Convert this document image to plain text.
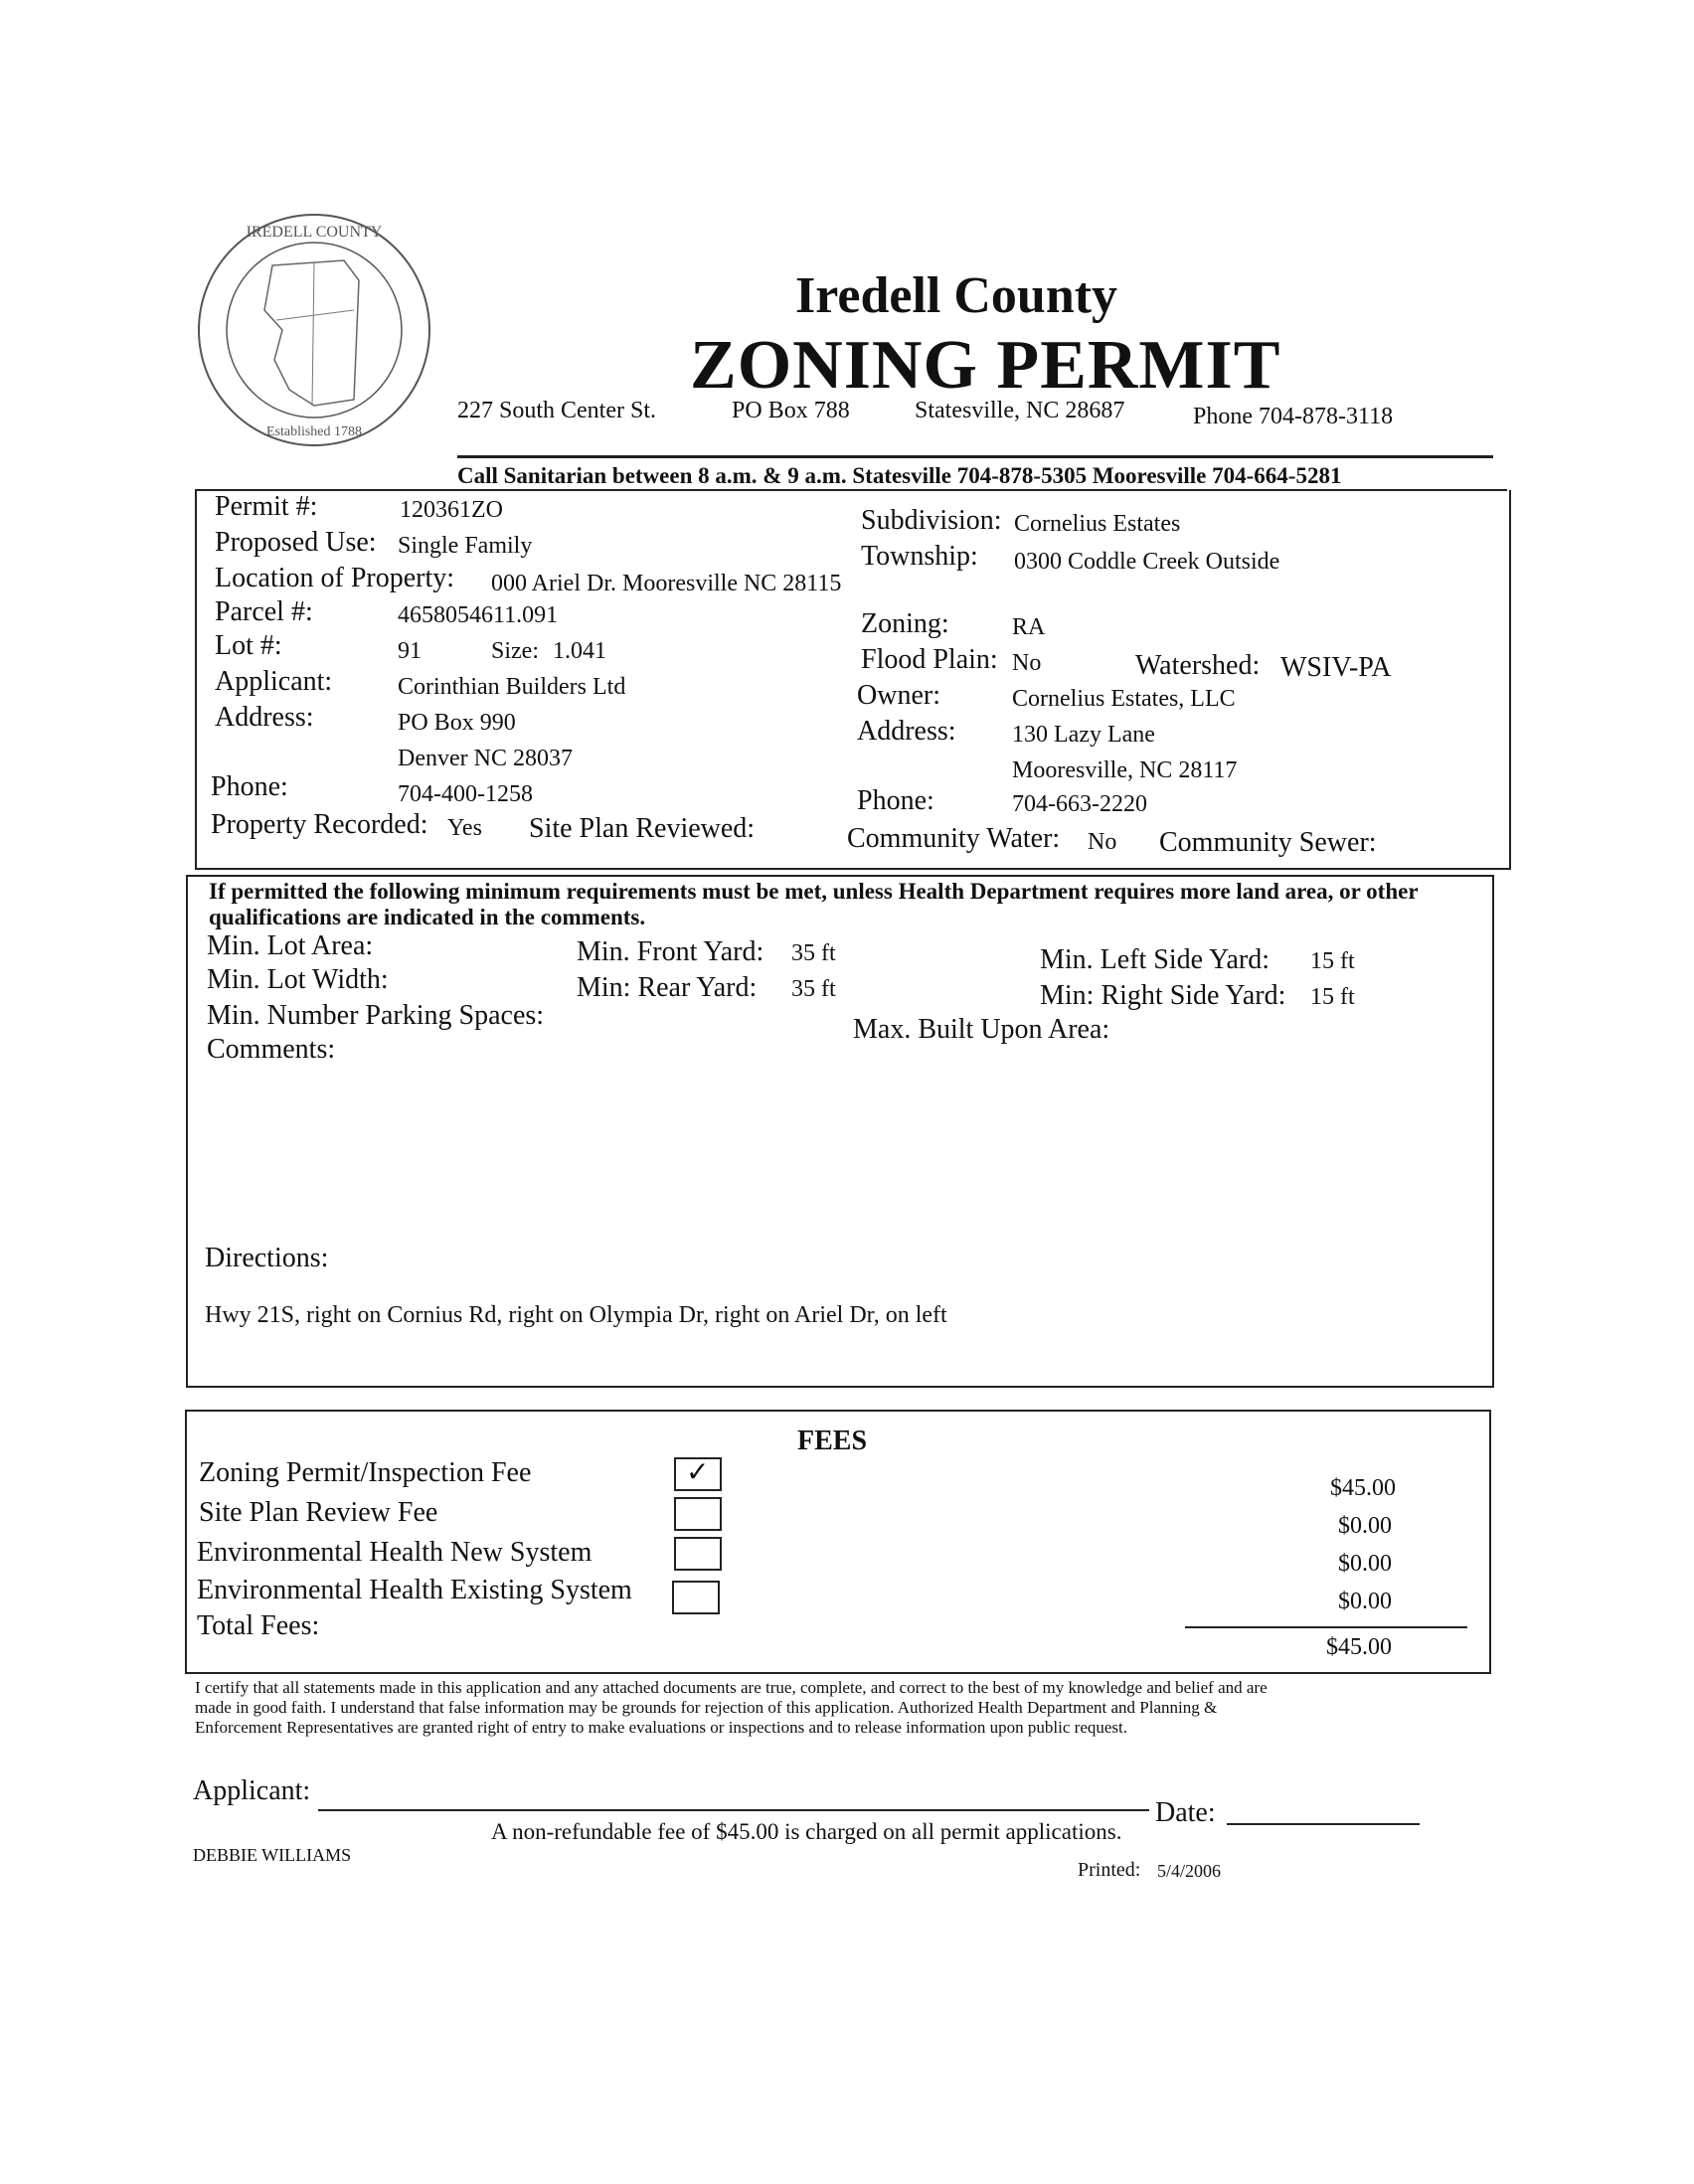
IREDELL COUNTY
Established 1788
Iredell County
ZONING PERMIT
227 South Center St.	PO Box 788	Statesville, NC 28687	Phone 704-878-3118
Call Sanitarian between 8 a.m. & 9 a.m. Statesville 704-878-5305 Mooresville 704-664-5281
Permit #:	120361ZO
Proposed Use: Single Family
Location of Property: 000 Ariel Dr. Mooresville NC 28115
Parcel #:	4658054611.091
Lot #:	91	Size: 1.041
Applicant:	Corinthian Builders Ltd
Address:	PO Box 990
Denver NC 28037
Phone:	704-400-1258
Property Recorded: Yes Site Plan Reviewed:
Subdivision: Cornelius Estates
Township: 0300 Coddle Creek Outside
Zoning:	RA
Flood Plain: No	Watershed: WSIV-PA
Owner:	Cornelius Estates, LLC
Address: 130 Lazy Lane
Mooresville, NC 28117
Phone:	704-663-2220
Community Water: No Community Sewer:
If permitted the following minimum requirements must be met, unless Health Department requires more land area, or other
qualifications are indicated in the comments.
Min. Lot Area:
Min. Lot Width:
Min. Number Parking Spaces:
Comments:
Min. Front Yard: 35 ft
Min: Rear Yard: 35 ft
Min. Left Side Yard: 15 ft
Min: Right Side Yard: 15 ft
Max. Built Upon Area:
Directions:
Hwy 21S, right on Cornius Rd, right on Olympia Dr, right on Ariel Dr, on left
FEES
Zoning Permit/Inspection Fee	✓	$45.00
Site Plan Review Fee	$0.00
Environmental Health New System	$0.00
Environmental Health Existing System	$0.00
Total Fees:
$45.00
I certify that all statements made in this application and any attached documents are true, complete, and correct to the best of my knowledge and belief and are
made in good faith. I understand that false information may be grounds for rejection of this application. Authorized Health Department and Planning &
Enforcement Representatives are granted right of entry to make evaluations or inspections and to release information upon public request.
Applicant:
Date:
A non-refundable fee of $45.00 is charged on all permit applications.
DEBBIE WILLIAMS
Printed: 5/4/2006
